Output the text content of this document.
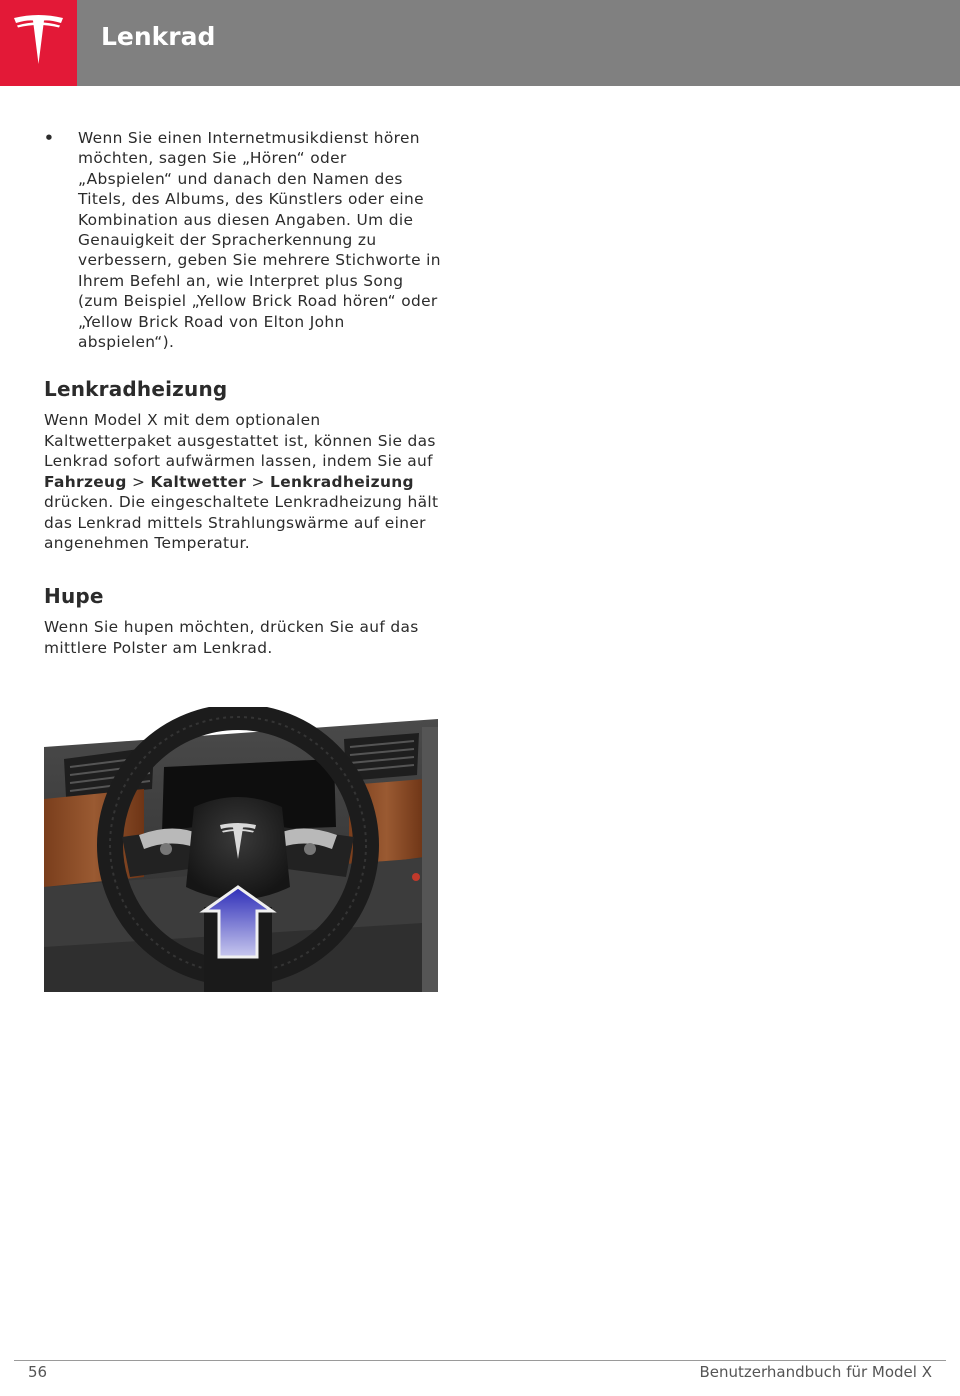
Lenkrad
• Wenn Sie einen Internetmusikdienst hören möchten, sagen Sie „Hören“ oder „Abspielen“ und danach den Namen des Titels, des Albums, des Künstlers oder eine Kombination aus diesen Angaben. Um die Genauigkeit der Spracherkennung zu verbessern, geben Sie mehrere Stichworte in Ihrem Befehl an, wie Interpret plus Song (zum Beispiel „Yellow Brick Road hören“ oder „Yellow Brick Road von Elton John abspielen“).
Lenkradheizung

Wenn Model X mit dem optionalen Kaltwetterpaket ausgestattet ist, können Sie das Lenkrad sofort aufwärmen lassen, indem Sie auf Fahrzeug > Kaltwetter > Lenkradheizung drücken. Die eingeschaltete Lenkradheizung hält das Lenkrad mittels Strahlungswärme auf einer angenehmen Temperatur.

Hupe

Wenn Sie hupen möchten, drücken Sie auf das mittlere Polster am Lenkrad.

56	Benutzerhandbuch für Model X
